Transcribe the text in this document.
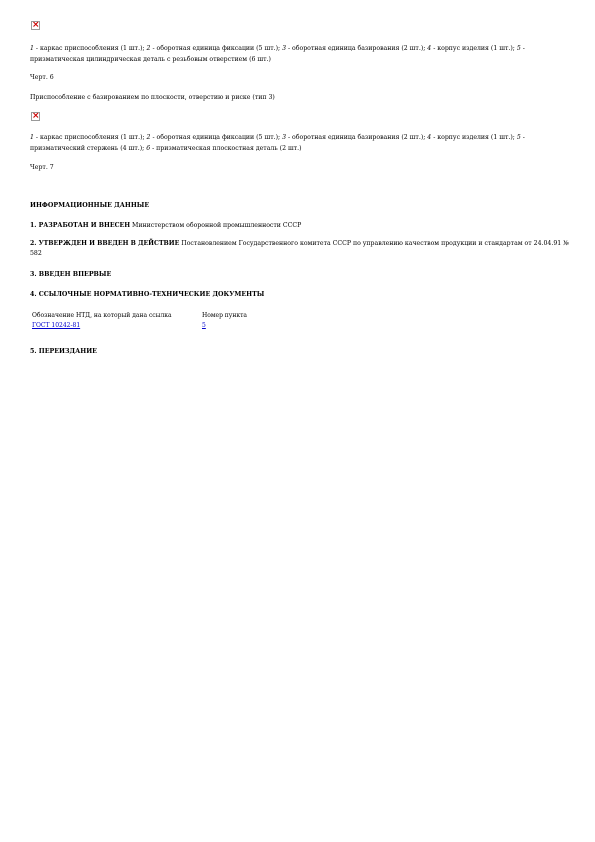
×
1 - каркас приспособления (1 шт.); 2 - оборотная единица фиксации (5 шт.); 3 - оборотная единица базирования (2 шт.); 4 - корпус изделия (1 шт.); 5 - призматическая цилиндрическая деталь с резьбовым отверстием (6 шт.)
Черт. 6
Приспособление с базированием по плоскости, отверстию и риске (тип 3)
×
1 - каркас приспособления (1 шт.); 2 - оборотная единица фиксации (5 шт.); 3 - оборотная единица базирования (2 шт.); 4 - корпус изделия (1 шт.); 5 - призматический стержень (4 шт.); 6 - призматическая плоскостная деталь (2 шт.)
Черт. 7
ИНФОРМАЦИОННЫЕ ДАННЫЕ
1. РАЗРАБОТАН И ВНЕСЕН Министерством оборонной промышленности СССР
2. УТВЕРЖДЕН И ВВЕДЕН В ДЕЙСТВИЕ Постановлением Государственного комитета СССР по управлению качеством продукции и стандартам от 24.04.91 № 582
3. ВВЕДЕН ВПЕРВЫЕ
4. ССЫЛОЧНЫЕ НОРМАТИВНО-ТЕХНИЧЕСКИЕ ДОКУМЕНТЫ
Обозначение НТД, на который дана ссылка	Номер пункта
ГОСТ 10242-81	5
5. ПЕРЕИЗДАНИЕ
